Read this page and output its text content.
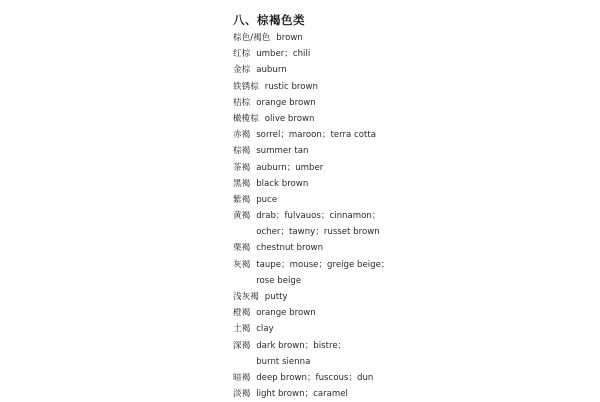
八、棕褐色类
棕色/褐色 brown
红棕 umber；chili
金棕 auburn
铁锈棕 rustic brown
桔棕 orange brown
橄榄棕 olive brown
赤褐 sorrel；maroon；terra cotta
棕褐 summer tan
茶褐 auburn；umber
黑褐 black brown
紫褐 puce
黄褐 drab；fulvauos；cinnamon；
ocher；tawny；russet brown
栗褐 chestnut brown
灰褐 taupe；mouse；greige beige；
rose beige
浅灰褐 putty
橙褐 orange brown
土褐 clay
深褐 dark brown；bistre；
burnt sienna
暗褐 deep brown；fuscous；dun
淡褐 light brown；caramel
